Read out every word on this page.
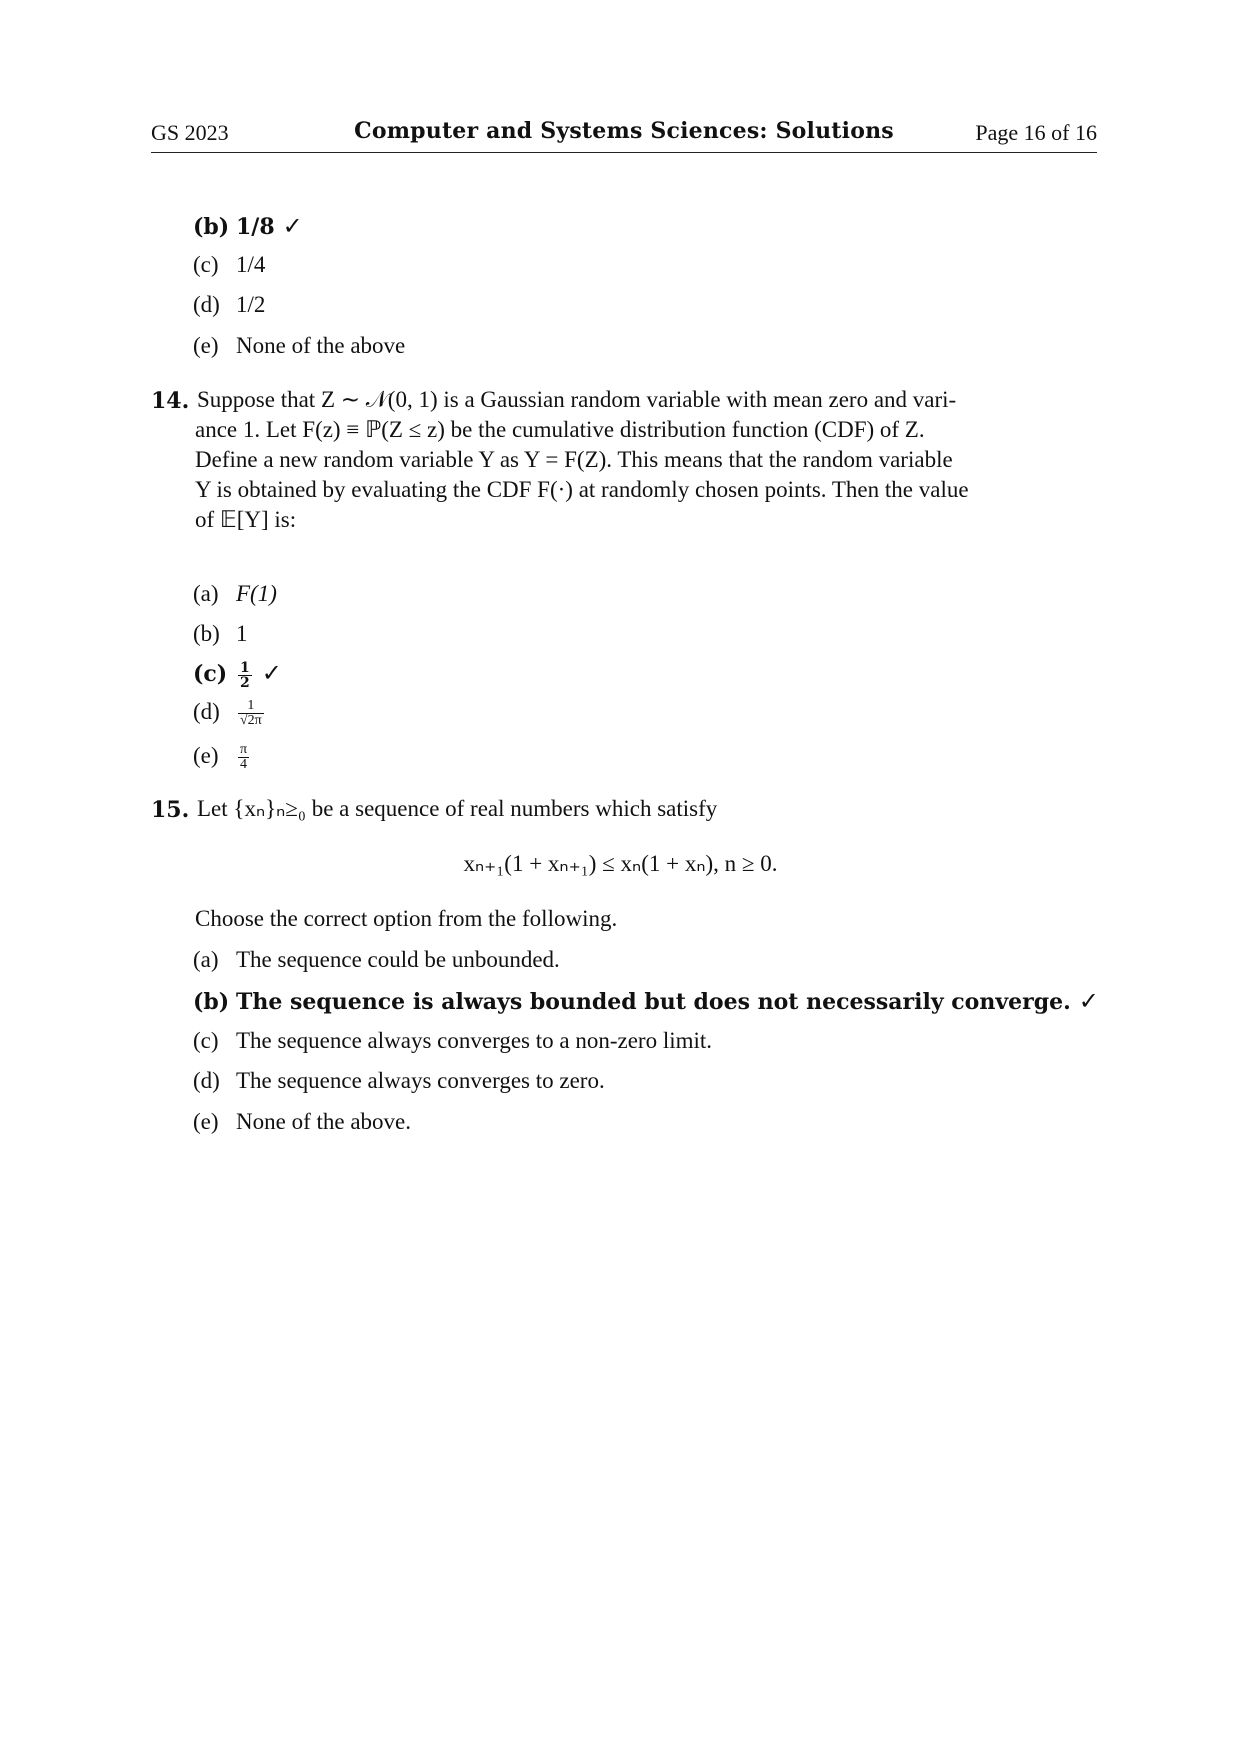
GS 2023	Computer and Systems Sciences: Solutions	Page 16 of 16
(b) 1/8 ✓
(c) 1/4
(d) 1/2
(e) None of the above
14. Suppose that Z ∼ 𝒩(0, 1) is a Gaussian random variable with mean zero and vari-
ance 1. Let F(z) ≡ ℙ(Z ≤ z) be the cumulative distribution function (CDF) of Z.
Define a new random variable Y as Y = F(Z). This means that the random variable
Y is obtained by evaluating the CDF F(·) at randomly chosen points. Then the value
of 𝔼[Y] is:
(a) F(1)
(b) 1
$(c) \frac{1}{2}$ ✓
$(d) \frac{1}{√2\pi}$
$(e) \frac{\pi}{4}$
15. Let {xₙ}ₙ≥₀ be a sequence of real numbers which satisfy
xₙ₊₁(1 + xₙ₊₁) ≤ xₙ(1 + xₙ), n ≥ 0.
Choose the correct option from the following.
(a) The sequence could be unbounded.
(b) The sequence is always bounded but does not necessarily converge. ✓
(c) The sequence always converges to a non-zero limit.
(d) The sequence always converges to zero.
(e) None of the above.
